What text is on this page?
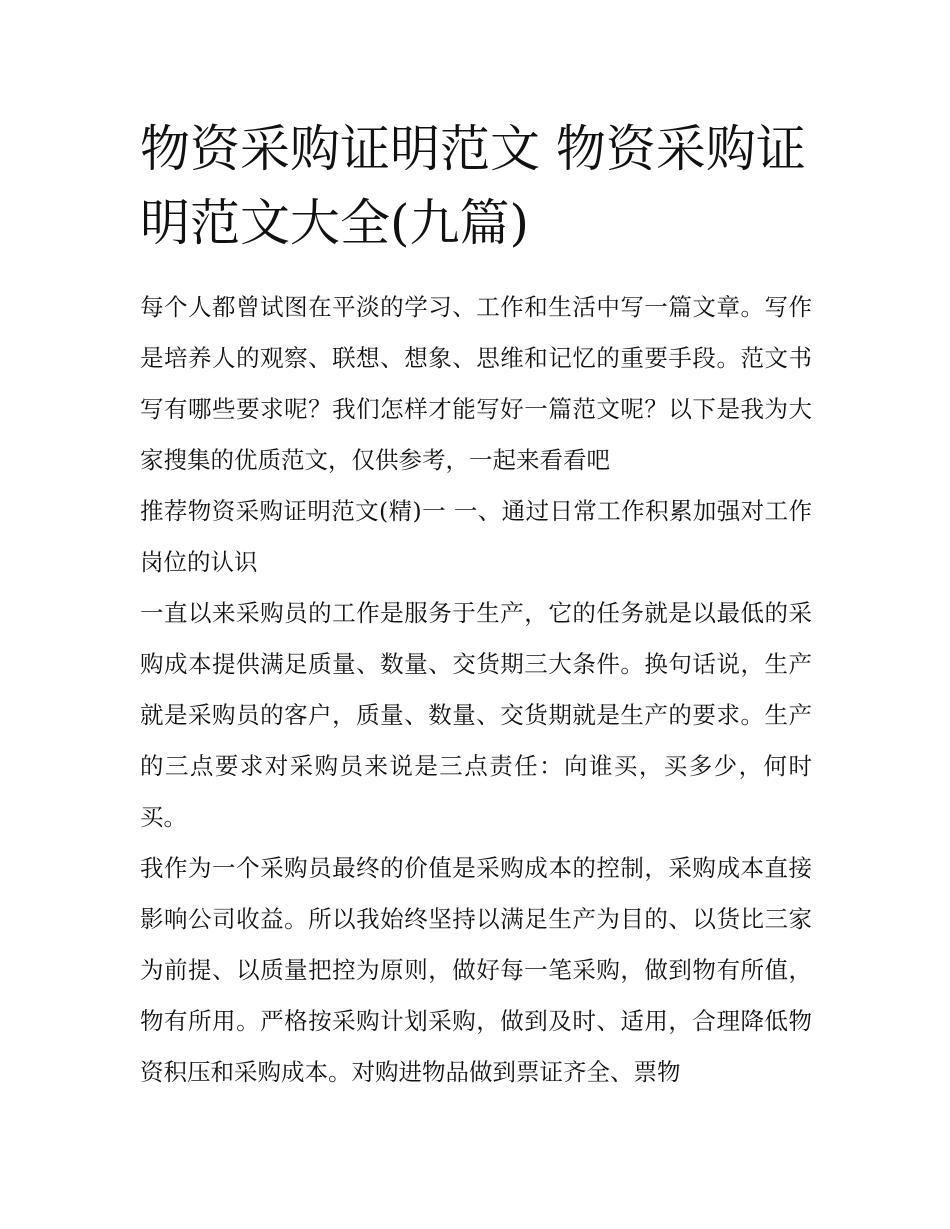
物资采购证明范文 物资采购证明范文大全(九篇)

每个人都曾试图在平淡的学习、工作和生活中写一篇文章。写作是培养人的观察、联想、想象、思维和记忆的重要手段。范文书写有哪些要求呢？我们怎样才能写好一篇范文呢？以下是我为大家搜集的优质范文，仅供参考，一起来看看吧

推荐物资采购证明范文(精)一 一、通过日常工作积累加强对工作岗位的认识

一直以来采购员的工作是服务于生产，它的任务就是以最低的采购成本提供满足质量、数量、交货期三大条件。换句话说，生产就是采购员的客户，质量、数量、交货期就是生产的要求。生产的三点要求对采购员来说是三点责任：向谁买，买多少，何时买。

我作为一个采购员最终的价值是采购成本的控制，采购成本直接影响公司收益。所以我始终坚持以满足生产为目的、以货比三家为前提、以质量把控为原则，做好每一笔采购，做到物有所值，物有所用。严格按采购计划采购，做到及时、适用，合理降低物资积压和采购成本。对购进物品做到票证齐全、票物
